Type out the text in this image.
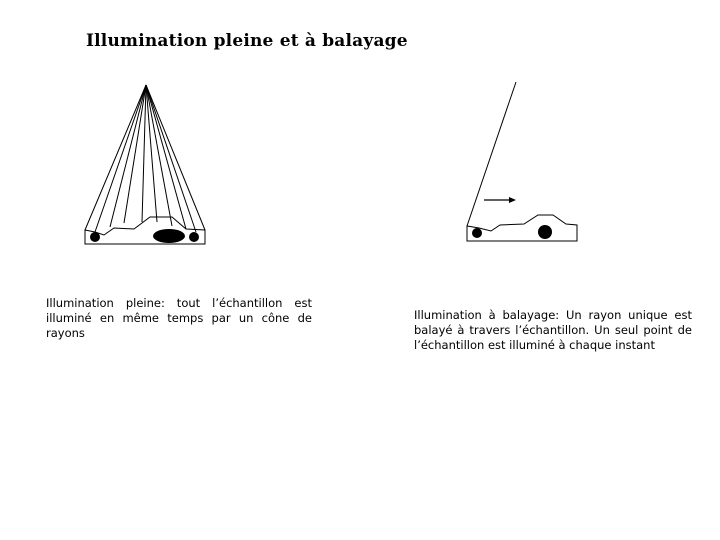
Illumination pleine et à balayage
Illumination pleine: tout l’échantillon est illuminé en même temps par un cône de rayons
Illumination à balayage: Un rayon unique est balayé à travers l’échantillon. Un seul point de l’échantillon est illuminé à chaque instant
